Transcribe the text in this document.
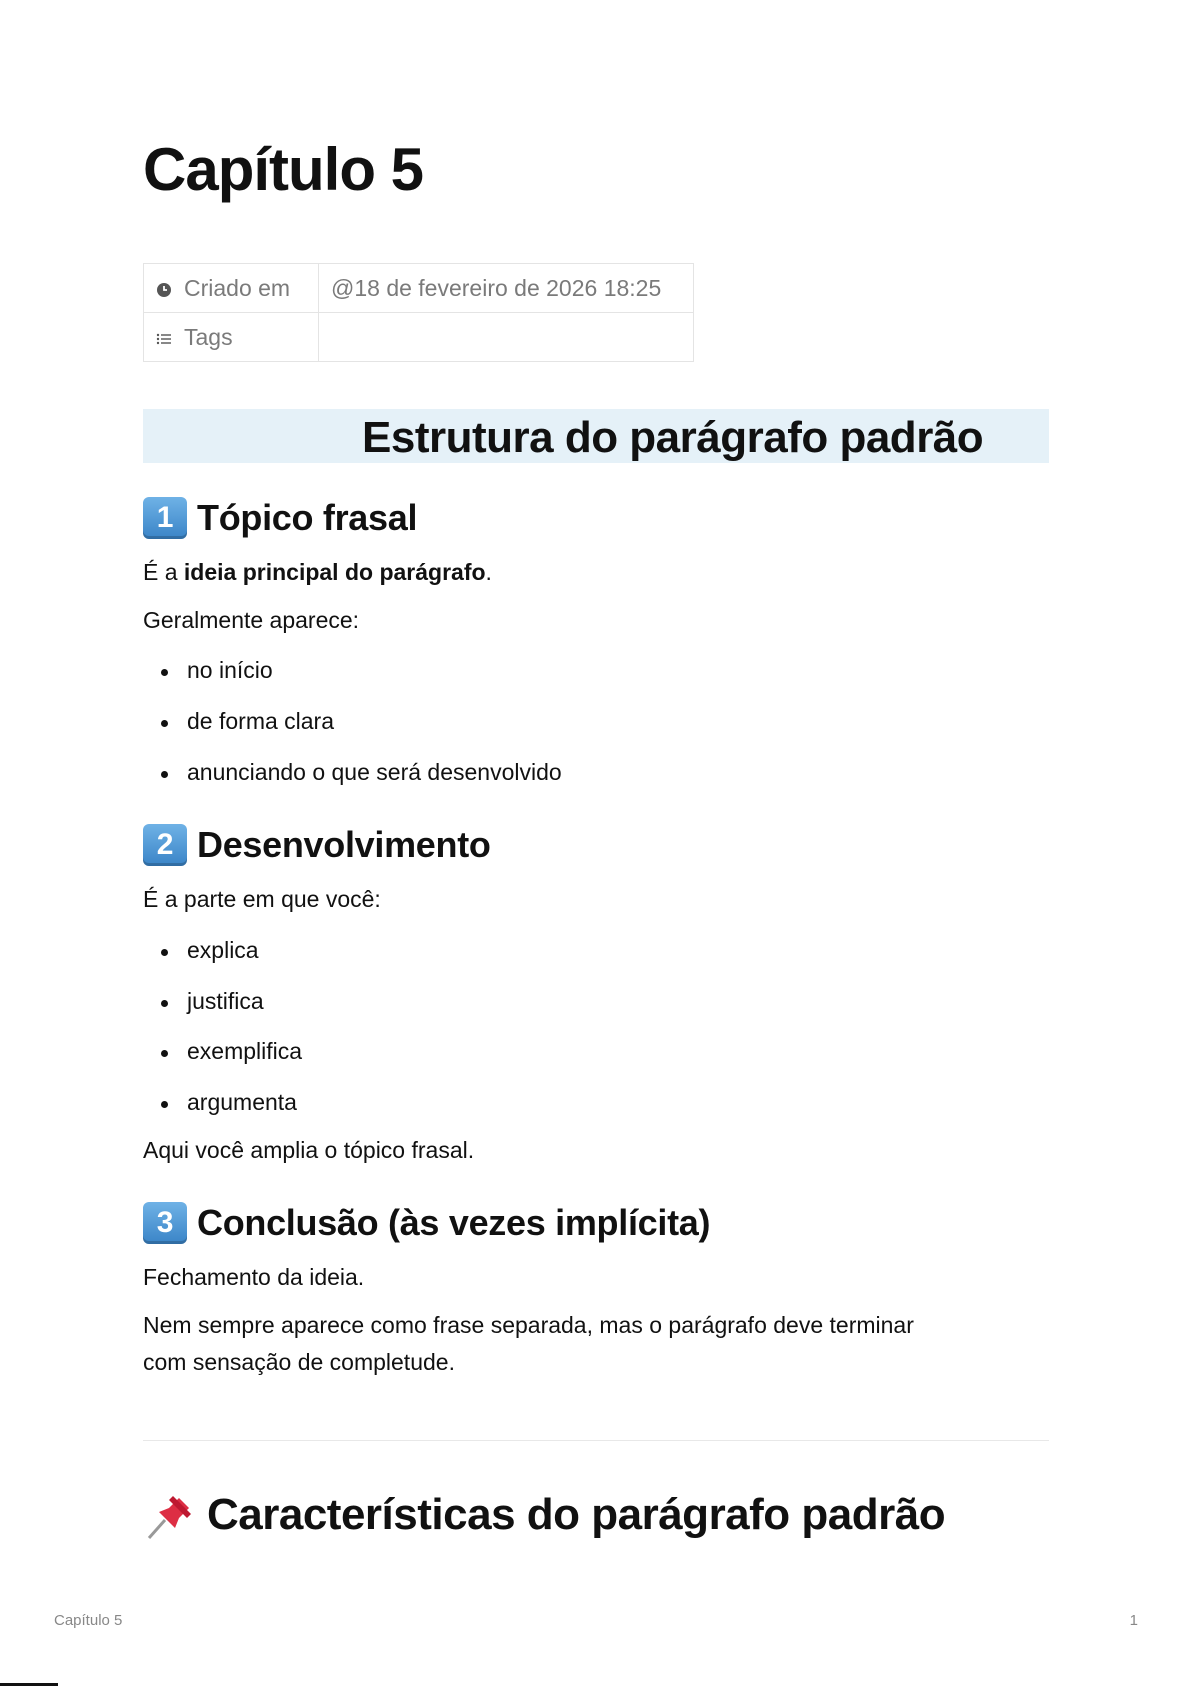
Capítulo 5
Criado em	@18 de fevereiro de 2026 18:25
Tags	
Estrutura do parágrafo padrão
1 Tópico frasal

É a ideia principal do parágrafo.

Geralmente aparece:

no início

de forma clara

anunciando o que será desenvolvido

2 Desenvolvimento

É a parte em que você:

explica

justifica

exemplifica

argumenta

Aqui você amplia o tópico frasal.

3 Conclusão (às vezes implícita)

Fechamento da ideia.

Nem sempre aparece como frase separada, mas o parágrafo deve terminar
com sensação de completude.

Características do parágrafo padrão
Capítulo 5	1
